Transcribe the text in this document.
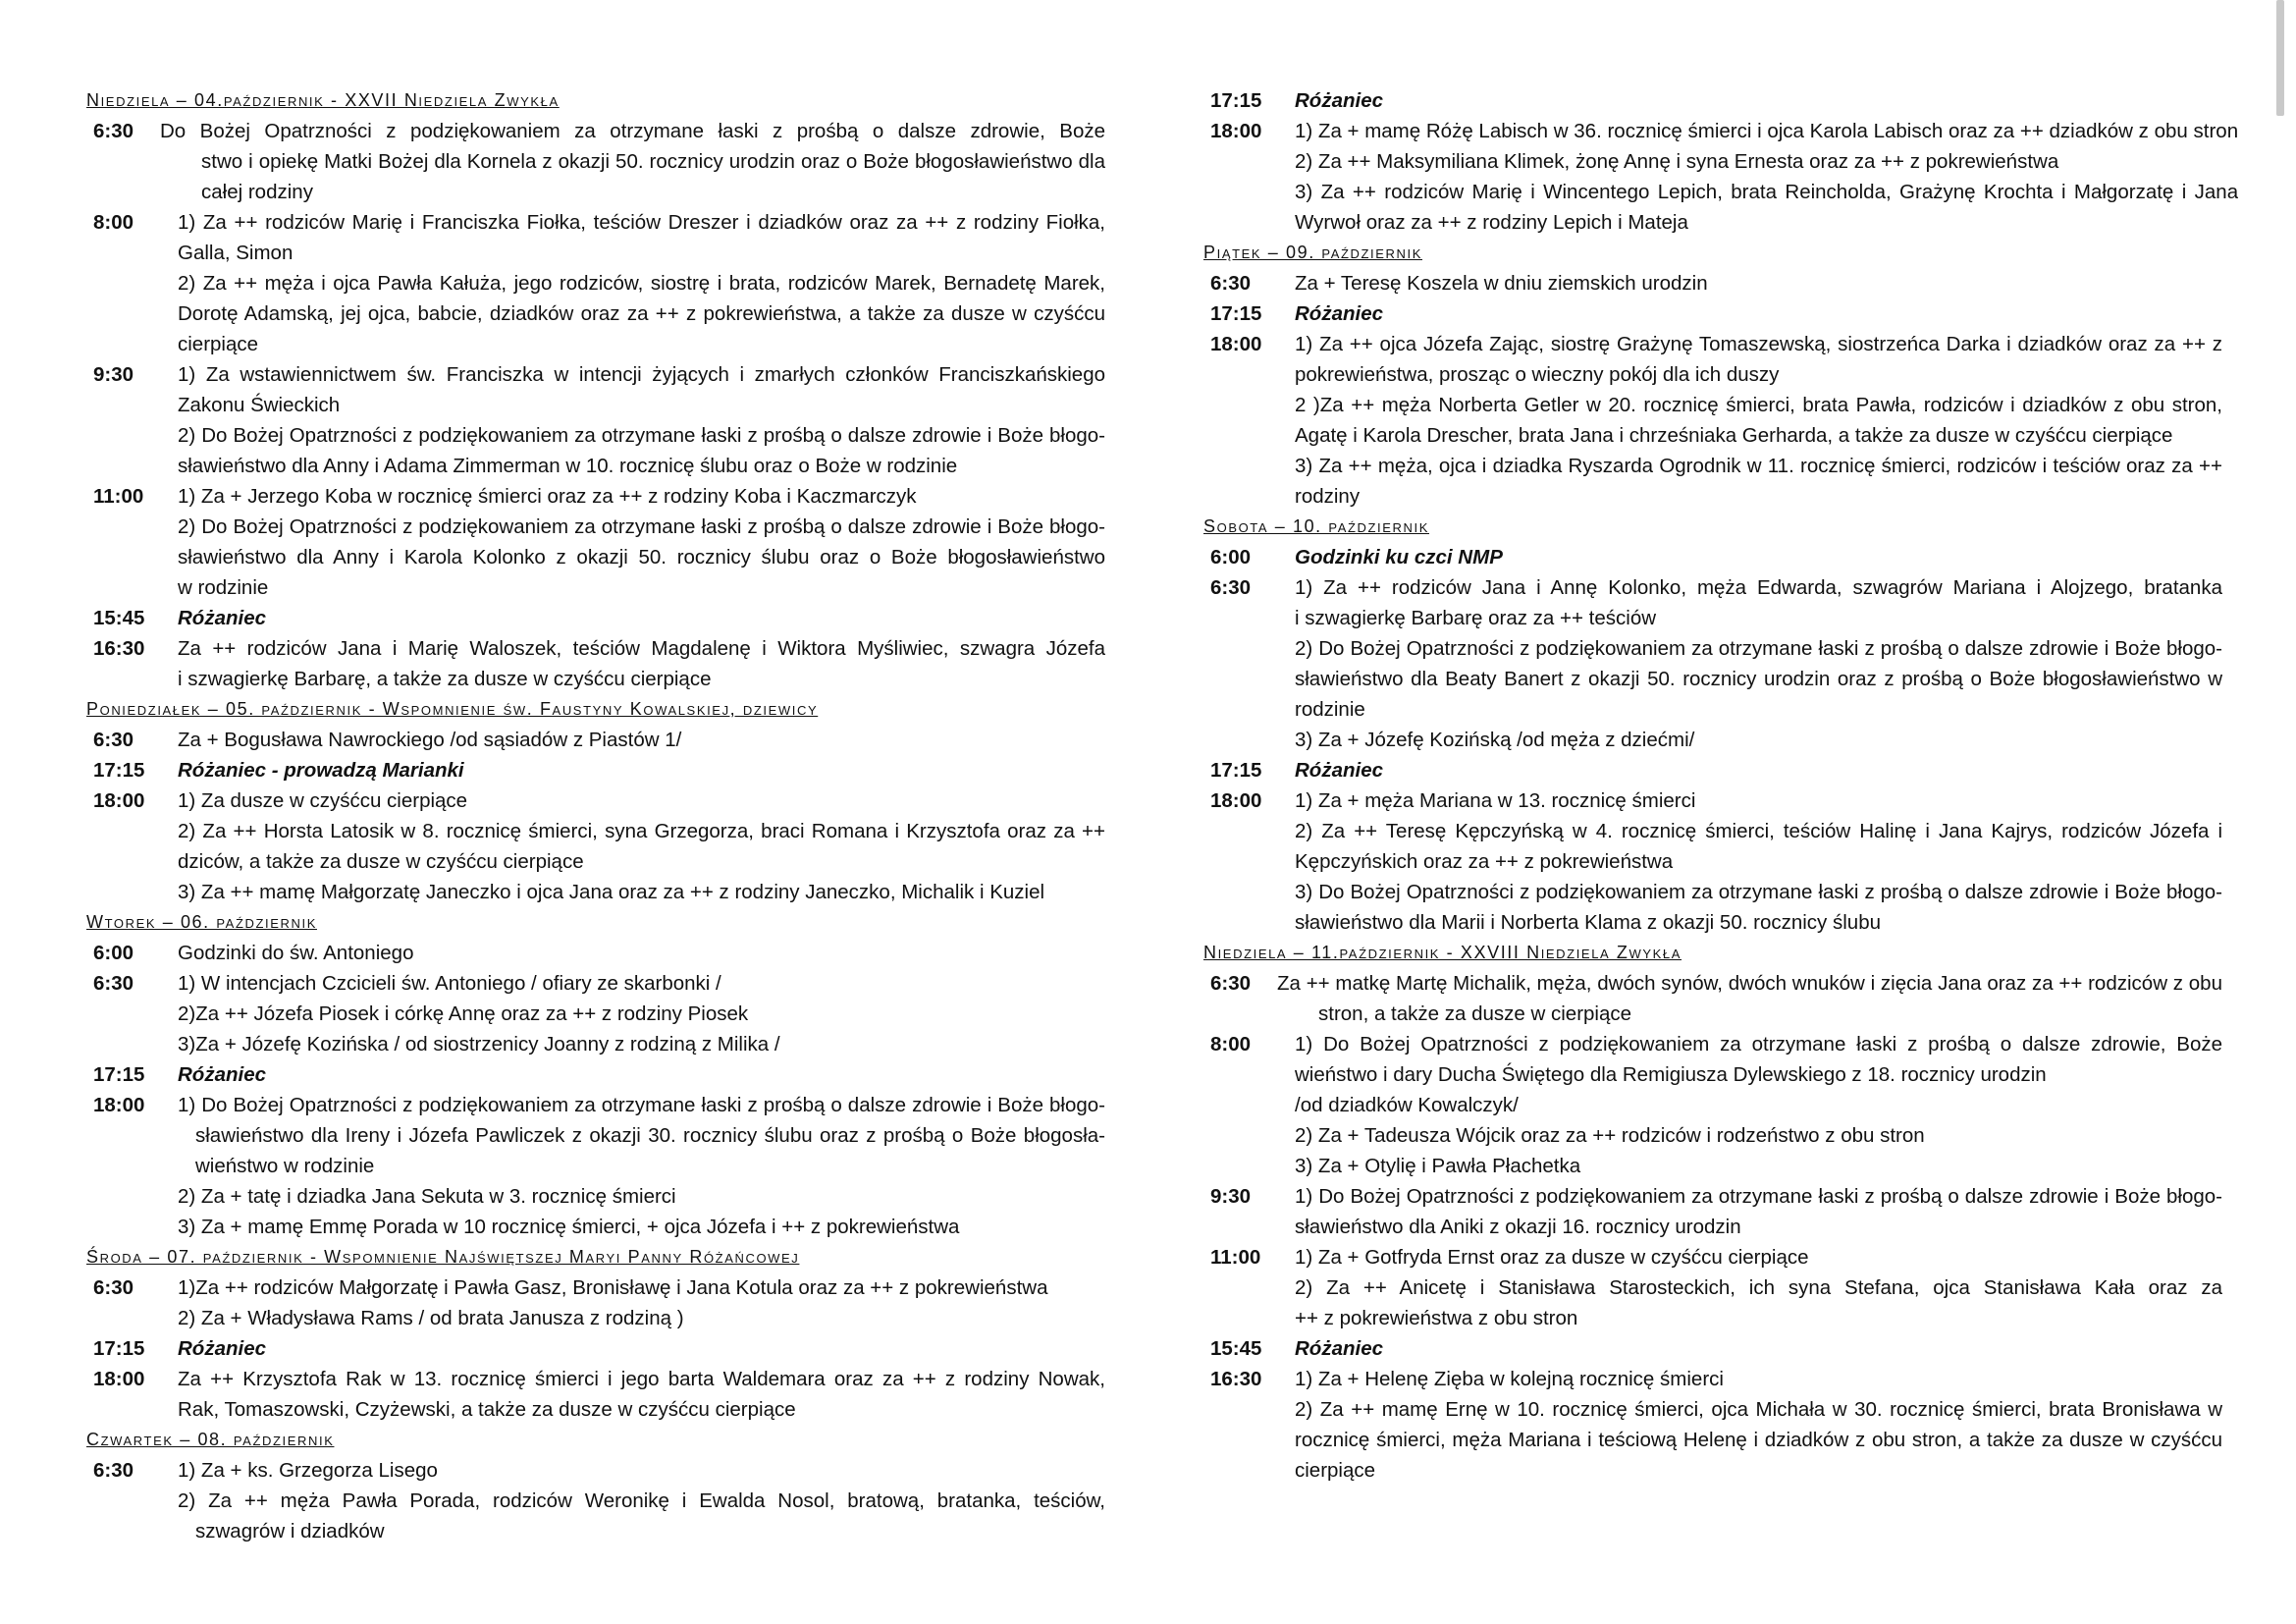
Niedziela – 04.październik - XXVII Niedziela Zwykła
6:30	Do Bożej Opatrzności z podziękowaniem za otrzymane łaski z prośbą o dalsze zdrowie, Boże
stwo i opiekę Matki Bożej dla Kornela z okazji 50. rocznicy urodzin oraz o Boże błogosławieństwo dla
całej rodziny
8:00	1) Za ++ rodziców Marię i Franciszka Fiołka, teściów Dreszer i dziadków oraz za ++ z rodziny Fiołka,
Galla, Simon
2) Za ++ męża i ojca Pawła Kałuża, jego rodziców, siostrę i brata, rodziców Marek, Bernadetę Marek,
Dorotę Adamską, jej ojca, babcie, dziadków oraz za ++ z pokrewieństwa, a także za dusze w czyśćcu
cierpiące
9:30	1) Za wstawiennictwem św. Franciszka w intencji żyjących i zmarłych członków Franciszkańskiego
Zakonu Świeckich
2) Do Bożej Opatrzności z podziękowaniem za otrzymane łaski z prośbą o dalsze zdrowie i Boże błogo-
sławieństwo dla Anny i Adama Zimmerman w 10. rocznicę ślubu oraz o Boże w rodzinie
11:00	1) Za + Jerzego Koba w rocznicę śmierci oraz za ++ z rodziny Koba i Kaczmarczyk
2) Do Bożej Opatrzności z podziękowaniem za otrzymane łaski z prośbą o dalsze zdrowie i Boże błogo-
sławieństwo dla Anny i Karola Kolonko z okazji 50. rocznicy ślubu oraz o Boże błogosławieństwo
w rodzinie
15:45	Różaniec
16:30	Za ++ rodziców Jana i Marię Waloszek, teściów Magdalenę i Wiktora Myśliwiec, szwagra Józefa
i szwagierkę Barbarę, a także za dusze w czyśćcu cierpiące
Poniedziałek – 05. październik - Wspomnienie św. Faustyny Kowalskiej, dziewicy
6:30	Za + Bogusława Nawrockiego /od sąsiadów z Piastów 1/
17:15	Różaniec - prowadzą Marianki
18:00	1) Za dusze w czyśćcu cierpiące
2) Za ++ Horsta Latosik w 8. rocznicę śmierci, syna Grzegorza, braci Romana i Krzysztofa oraz za ++
dziców, a także za dusze w czyśćcu cierpiące
3) Za ++ mamę Małgorzatę Janeczko i ojca Jana oraz za ++ z rodziny Janeczko, Michalik i Kuziel
Wtorek – 06. październik
6:00	Godzinki do św. Antoniego
6:30	1) W intencjach Czcicieli św. Antoniego / ofiary ze skarbonki /
2)Za ++ Józefa Piosek i córkę Annę oraz za ++ z rodziny Piosek
3)Za + Józefę Kozińska / od siostrzenicy Joanny z rodziną z Milika /
17:15	Różaniec
18:00	1) Do Bożej Opatrzności z podziękowaniem za otrzymane łaski z prośbą o dalsze zdrowie i Boże błogo-
sławieństwo dla Ireny i Józefa Pawliczek z okazji 30. rocznicy ślubu oraz z prośbą o Boże błogosła-
wieństwo w rodzinie
2) Za + tatę i dziadka Jana Sekuta w 3. rocznicę śmierci
3) Za + mamę Emmę Porada w 10 rocznicę śmierci, + ojca Józefa i ++ z pokrewieństwa
Środa – 07. październik - Wspomnienie Najświętszej Maryi Panny Różańcowej
6:30	1)Za ++ rodziców Małgorzatę i Pawła Gasz, Bronisławę i Jana Kotula oraz za ++ z pokrewieństwa
2) Za + Władysława Rams / od brata Janusza z rodziną )
17:15	Różaniec
18:00	Za ++ Krzysztofa Rak w 13. rocznicę śmierci i jego barta Waldemara oraz za ++ z rodziny Nowak,
Rak, Tomaszowski, Czyżewski, a także za dusze w czyśćcu cierpiące
Czwartek – 08. październik
6:30	1) Za + ks. Grzegorza Lisego
2) Za ++ męża Pawła Porada, rodziców Weronikę i Ewalda Nosol, bratową, bratanka, teściów,
szwagrów i dziadków
17:15	Różaniec
18:00	1) Za + mamę Różę Labisch w 36. rocznicę śmierci i ojca Karola Labisch oraz za ++ dziadków z obu stron
2) Za ++ Maksymiliana Klimek, żonę Annę i syna Ernesta oraz za ++ z pokrewieństwa
3) Za ++ rodziców Marię i Wincentego Lepich, brata Reincholda, Grażynę Krochta i Małgorzatę i Jana
Wyrwoł oraz za ++ z rodziny Lepich i Mateja
Piątek – 09. październik
6:30	Za + Teresę Koszela w dniu ziemskich urodzin
17:15	Różaniec
18:00	1) Za ++ ojca Józefa Zając, siostrę Grażynę Tomaszewską, siostrzeńca Darka i dziadków oraz za ++ z
pokrewieństwa, prosząc o wieczny pokój dla ich duszy
2 )Za ++ męża Norberta Getler w 20. rocznicę śmierci, brata Pawła, rodziców i dziadków z obu stron,
Agatę i Karola Drescher, brata Jana i chrześniaka Gerharda, a także za dusze w czyśćcu cierpiące
3) Za ++ męża, ojca i dziadka Ryszarda Ogrodnik w 11. rocznicę śmierci, rodziców i teściów oraz za ++
rodziny
Sobota – 10. październik
6:00	Godzinki ku czci NMP
6:30	1) Za ++ rodziców Jana i Annę Kolonko, męża Edwarda, szwagrów Mariana i Alojzego, bratanka
i szwagierkę Barbarę oraz za ++ teściów
2) Do Bożej Opatrzności z podziękowaniem za otrzymane łaski z prośbą o dalsze zdrowie i Boże błogo-
sławieństwo dla Beaty Banert z okazji 50. rocznicy urodzin oraz z prośbą o Boże błogosławieństwo w
rodzinie
3) Za + Józefę Kozińską /od męża z dziećmi/
17:15	Różaniec
18:00	1) Za + męża Mariana w 13. rocznicę śmierci
2) Za ++ Teresę Kępczyńską w 4. rocznicę śmierci, teściów Halinę i Jana Kajrys, rodziców Józefa i
Kępczyńskich oraz za ++ z pokrewieństwa
3) Do Bożej Opatrzności z podziękowaniem za otrzymane łaski z prośbą o dalsze zdrowie i Boże błogo-
sławieństwo dla Marii i Norberta Klama z okazji 50. rocznicy ślubu
Niedziela – 11.październik - XXVIII Niedziela Zwykła
6:30	Za ++ matkę Martę Michalik, męża, dwóch synów, dwóch wnuków i zięcia Jana oraz za ++ rodziców z obu
stron, a także za dusze w cierpiące
8:00	1) Do Bożej Opatrzności z podziękowaniem za otrzymane łaski z prośbą o dalsze zdrowie, Boże
wieństwo i dary Ducha Świętego dla Remigiusza Dylewskiego z 18. rocznicy urodzin
/od dziadków Kowalczyk/
2) Za + Tadeusza Wójcik oraz za ++ rodziców i rodzeństwo z obu stron
3) Za + Otylię i Pawła Płachetka
9:30	1) Do Bożej Opatrzności z podziękowaniem za otrzymane łaski z prośbą o dalsze zdrowie i Boże błogo-
sławieństwo dla Aniki z okazji 16. rocznicy urodzin
11:00	1) Za + Gotfryda Ernst oraz za dusze w czyśćcu cierpiące
2) Za ++ Anicetę i Stanisława Starosteckich, ich syna Stefana, ojca Stanisława Kała oraz za
++ z pokrewieństwa z obu stron
15:45	Różaniec
16:30	1) Za + Helenę Zięba w kolejną rocznicę śmierci
2) Za ++ mamę Ernę w 10. rocznicę śmierci, ojca Michała w 30. rocznicę śmierci, brata Bronisława w
rocznicę śmierci, męża Mariana i teściową Helenę i dziadków z obu stron, a także za dusze w czyśćcu
cierpiące
